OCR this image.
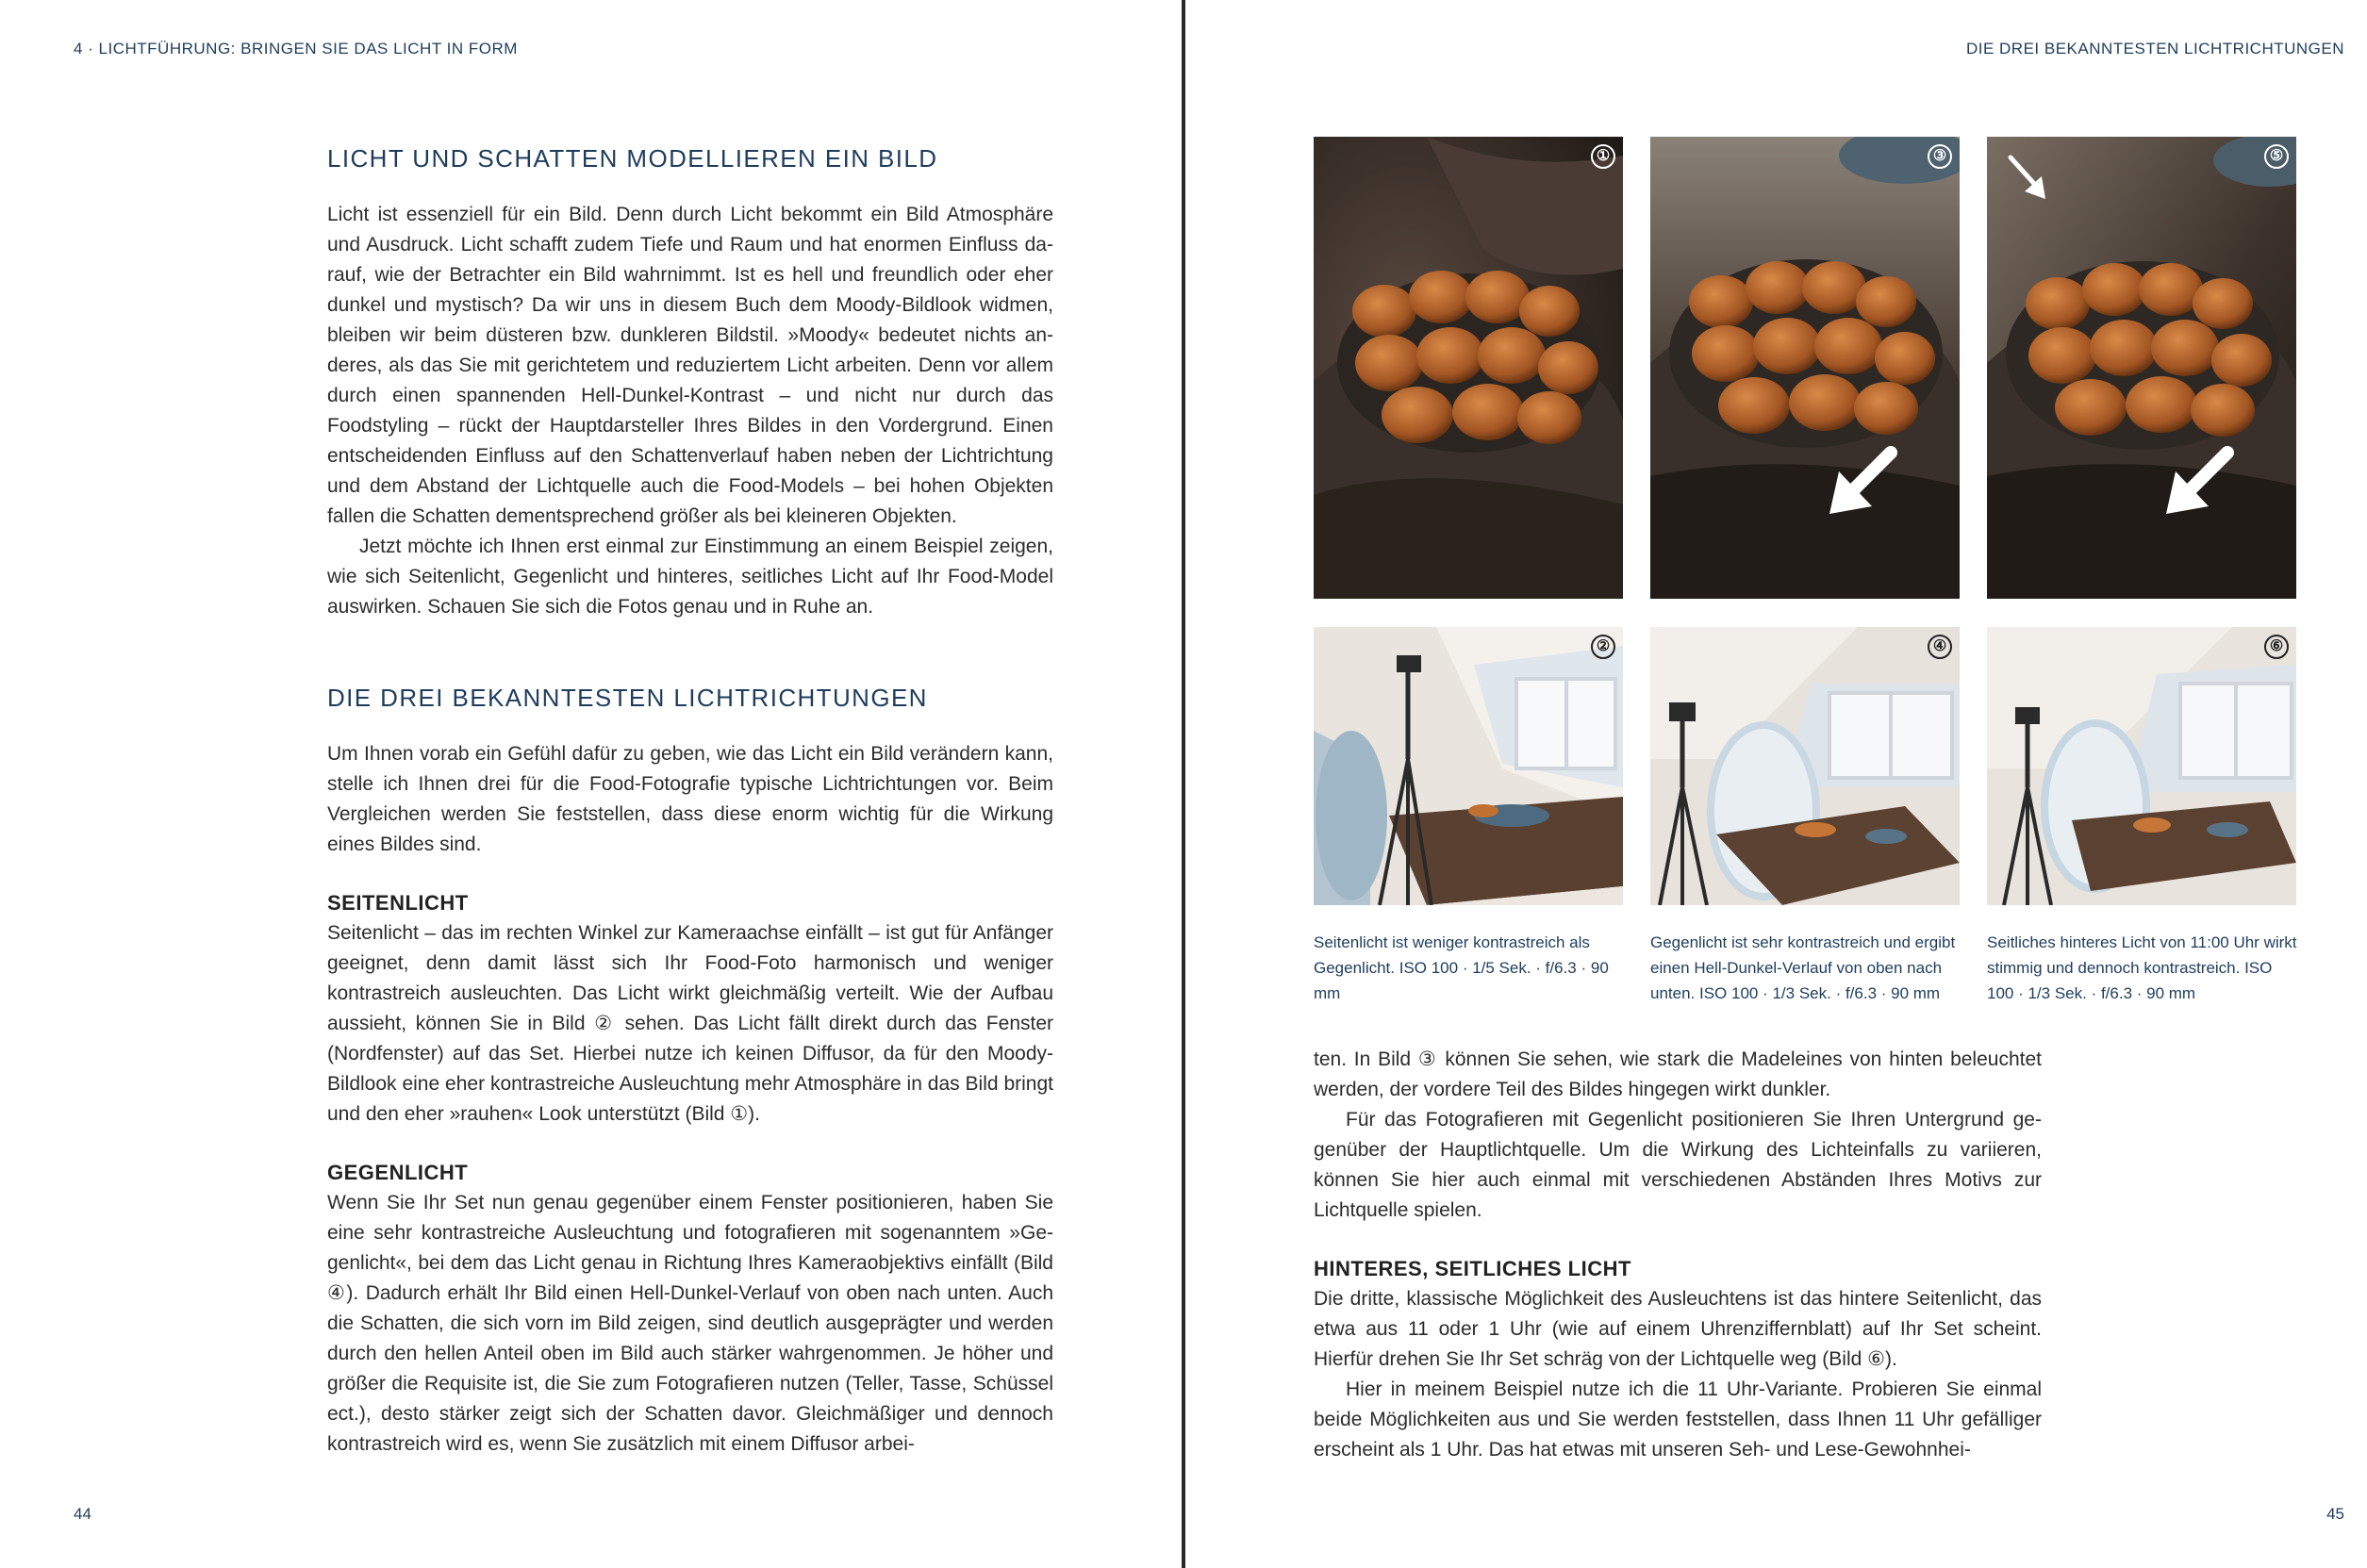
4 · LICHTFÜHRUNG: BRINGEN SIE DAS LICHT IN FORM
LICHT UND SCHATTEN MODELLIEREN EIN BILD

Licht ist essenziell für ein Bild. Denn durch Licht bekommt ein Bild Atmosphäre und Ausdruck. Licht schafft zudem Tiefe und Raum und hat enormen Einfluss darauf, wie der Betrachter ein Bild wahrnimmt. Ist es hell und freundlich oder eher dunkel und mystisch? Da wir uns in diesem Buch dem Moody-Bildlook widmen, bleiben wir beim düsteren bzw. dunkleren Bildstil. »Moody« bedeutet nichts anderes, als das Sie mit gerichtetem und reduziertem Licht arbeiten. Denn vor allem durch einen spannenden Hell-Dunkel-Kontrast – und nicht nur durch das Foodstyling – rückt der Hauptdarsteller Ihres Bildes in den Vordergrund. Einen entscheidenden Einfluss auf den Schattenverlauf haben neben der Lichtrichtung und dem Abstand der Lichtquelle auch die Food-Models – bei hohen Objekten fallen die Schatten dementsprechend größer als bei kleineren Objekten.

Jetzt möchte ich Ihnen erst einmal zur Einstimmung an einem Beispiel zeigen, wie sich Seitenlicht, Gegenlicht und hinteres, seitliches Licht auf Ihr Food-Model auswirken. Schauen Sie sich die Fotos genau und in Ruhe an.

DIE DREI BEKANNTESTEN LICHTRICHTUNGEN

Um Ihnen vorab ein Gefühl dafür zu geben, wie das Licht ein Bild verändern kann, stelle ich Ihnen drei für die Food-Fotografie typische Lichtrichtungen vor. Beim Vergleichen werden Sie feststellen, dass diese enorm wichtig für die Wirkung eines Bildes sind.

SEITENLICHT

Seitenlicht – das im rechten Winkel zur Kameraachse einfällt – ist gut für Anfänger geeignet, denn damit lässt sich Ihr Food-Foto harmonisch und weniger kontrastreich ausleuchten. Das Licht wirkt gleichmäßig verteilt. Wie der Aufbau aussieht, können Sie in Bild ② sehen. Das Licht fällt direkt durch das Fenster (Nordfenster) auf das Set. Hierbei nutze ich keinen Diffusor, da für den Moody-Bildlook eine eher kontrastreiche Ausleuchtung mehr Atmosphäre in das Bild bringt und den eher »rauhen« Look unterstützt (Bild ①).

GEGENLICHT

Wenn Sie Ihr Set nun genau gegenüber einem Fenster positionieren, haben Sie eine sehr kontrastreiche Ausleuchtung und fotografieren mit sogenanntem »Gegenlicht«, bei dem das Licht genau in Richtung Ihres Kameraobjektivs einfällt (Bild ④). Dadurch erhält Ihr Bild einen Hell-Dunkel-Verlauf von oben nach unten. Auch die Schatten, die sich vorn im Bild zeigen, sind deutlich ausgeprägter und werden durch den hellen Anteil oben im Bild auch stärker wahrgenommen. Je höher und größer die Requisite ist, die Sie zum Fotografieren nutzen (Teller, Tasse, Schüssel ect.), desto stärker zeigt sich der Schatten davor. Gleichmäßiger und dennoch kontrastreich wird es, wenn Sie zusätzlich mit einem Diffusor arbei-

44
DIE DREI BEKANNTESTEN LICHTRICHTUNGEN
①	③	⑤
②	④	⑥
Seitenlicht ist weniger kontrastreich als Gegenlicht. ISO 100 · 1/5 Sek. · f/6.3 · 90 mm
Gegenlicht ist sehr kontrastreich und ergibt einen Hell-Dunkel-Verlauf von oben nach unten. ISO 100 · 1/3 Sek. · f/6.3 · 90 mm
Seitliches hinteres Licht von 11:00 Uhr wirkt stimmig und dennoch kontrastreich. ISO 100 · 1/3 Sek. · f/6.3 · 90 mm

ten. In Bild ③ können Sie sehen, wie stark die Madeleines von hinten beleuchtet werden, der vordere Teil des Bildes hingegen wirkt dunkler.

Für das Fotografieren mit Gegenlicht positionieren Sie Ihren Untergrund gegenüber der Hauptlichtquelle. Um die Wirkung des Lichteinfalls zu variieren, können Sie hier auch einmal mit verschiedenen Abständen Ihres Motivs zur Lichtquelle spielen.

HINTERES, SEITLICHES LICHT

Die dritte, klassische Möglichkeit des Ausleuchtens ist das hintere Seitenlicht, das etwa aus 11 oder 1 Uhr (wie auf einem Uhrenziffernblatt) auf Ihr Set scheint. Hierfür drehen Sie Ihr Set schräg von der Lichtquelle weg (Bild ⑥).

Hier in meinem Beispiel nutze ich die 11 Uhr-Variante. Probieren Sie einmal beide Möglichkeiten aus und Sie werden feststellen, dass Ihnen 11 Uhr gefälliger erscheint als 1 Uhr. Das hat etwas mit unseren Seh- und Lese-Gewohnhei-

45
